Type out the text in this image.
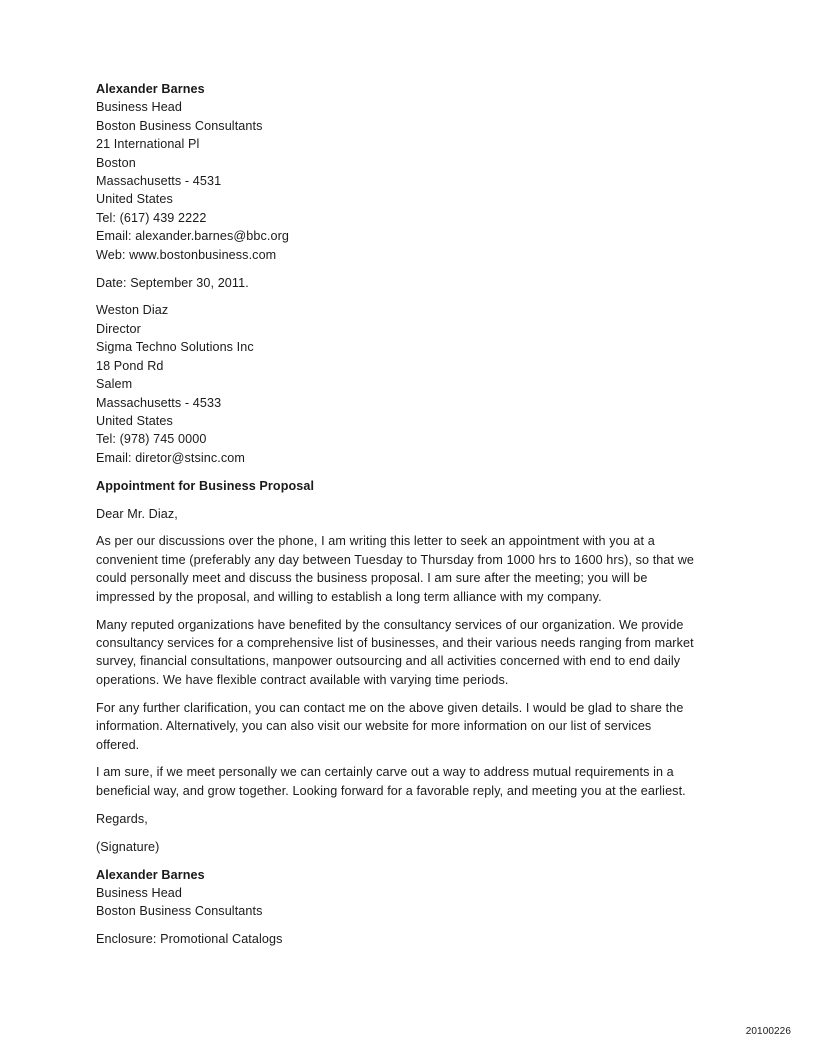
Alexander Barnes
Business Head
Boston Business Consultants
21 International Pl
Boston
Massachusetts - 4531
United States
Tel: (617) 439 2222
Email: alexander.barnes@bbc.org
Web: www.bostonbusiness.com
Date: September 30, 2011.
Weston Diaz
Director
Sigma Techno Solutions Inc
18 Pond Rd
Salem
Massachusetts - 4533
United States
Tel: (978) 745 0000
Email: diretor@stsinc.com
Appointment for Business Proposal
Dear Mr. Diaz,

As per our discussions over the phone, I am writing this letter to seek an appointment with you at a
convenient time (preferably any day between Tuesday to Thursday from 1000 hrs to 1600 hrs), so that we
could personally meet and discuss the business proposal. I am sure after the meeting; you will be
impressed by the proposal, and willing to establish a long term alliance with my company.

Many reputed organizations have benefited by the consultancy services of our organization. We provide
consultancy services for a comprehensive list of businesses, and their various needs ranging from market
survey, financial consultations, manpower outsourcing and all activities concerned with end to end daily
operations. We have flexible contract available with varying time periods.

For any further clarification, you can contact me on the above given details. I would be glad to share the
information. Alternatively, you can also visit our website for more information on our list of services
offered.

I am sure, if we meet personally we can certainly carve out a way to address mutual requirements in a
beneficial way, and grow together. Looking forward for a favorable reply, and meeting you at the earliest.

Regards,
(Signature)
Alexander Barnes
Business Head
Boston Business Consultants
Enclosure: Promotional Catalogs
20100226
